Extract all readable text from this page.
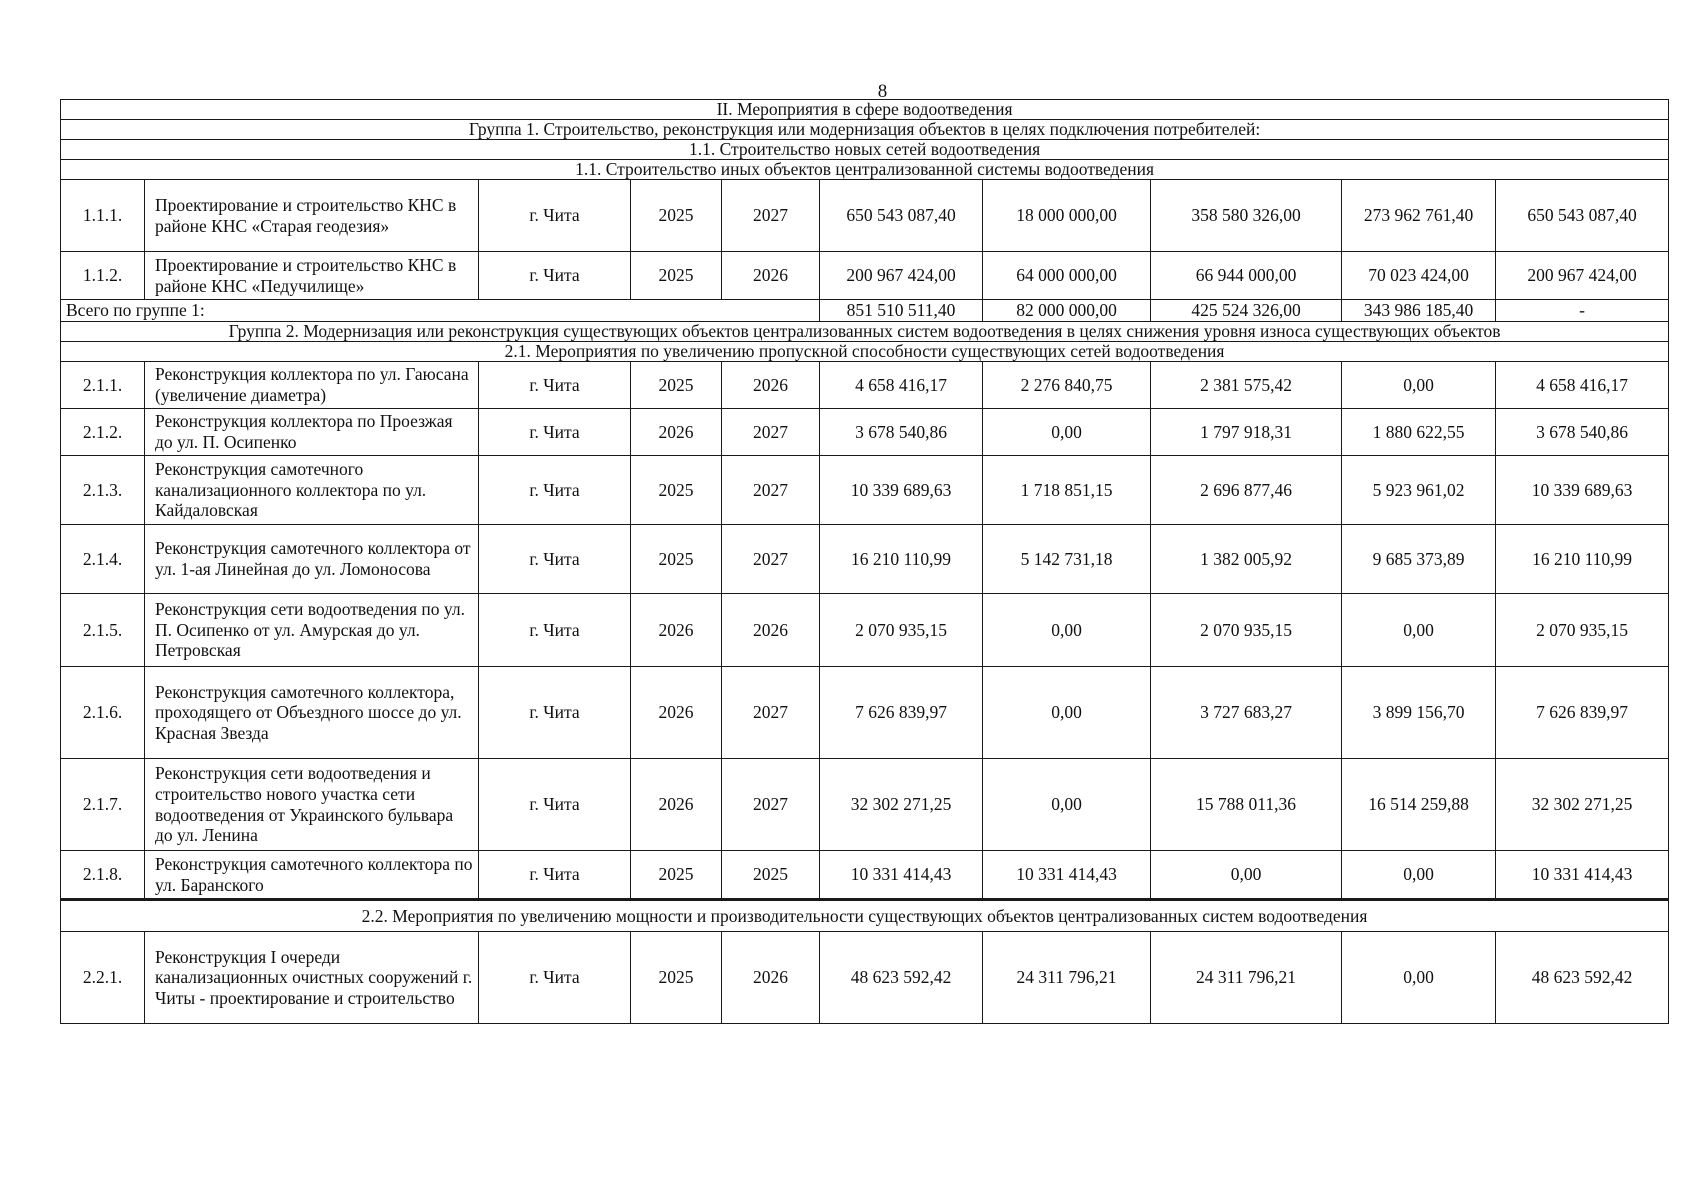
8
II. Мероприятия в сфере водоотведения									
Группа 1. Строительство, реконструкция или модернизация объектов в целях подключения потребителей:									
1.1. Строительство новых сетей водоотведения									
1.1. Строительство иных объектов централизованной системы водоотведения									
1.1.1.	Проектирование и строительство КНС в районе КНС «Старая геодезия»	г. Чита	2025	2027	650 543 087,40	18 000 000,00	358 580 326,00	273 962 761,40	650 543 087,40
1.1.2.	Проектирование и строительство КНС в районе КНС «Педучилище»	г. Чита	2025	2026	200 967 424,00	64 000 000,00	66 944 000,00	70 023 424,00	200 967 424,00
Всего по группе 1:					851 510 511,40	82 000 000,00	425 524 326,00	343 986 185,40	-
Группа 2. Модернизация или реконструкция существующих объектов централизованных систем водоотведения в целях снижения уровня износа существующих объектов									
2.1. Мероприятия по увеличению пропускной способности существующих сетей водоотведения									
2.1.1.	Реконструкция коллектора по ул. Гаюсана (увеличение диаметра)	г. Чита	2025	2026	4 658 416,17	2 276 840,75	2 381 575,42	0,00	4 658 416,17
2.1.2.	Реконструкция коллектора по Проезжая до ул. П. Осипенко	г. Чита	2026	2027	3 678 540,86	0,00	1 797 918,31	1 880 622,55	3 678 540,86
2.1.3.	Реконструкция самотечного канализационного коллектора по ул. Кайдаловская	г. Чита	2025	2027	10 339 689,63	1 718 851,15	2 696 877,46	5 923 961,02	10 339 689,63
2.1.4.	Реконструкция самотечного коллектора от ул. 1-ая Линейная до ул. Ломоносова	г. Чита	2025	2027	16 210 110,99	5 142 731,18	1 382 005,92	9 685 373,89	16 210 110,99
2.1.5.	Реконструкция сети водоотведения по ул. П. Осипенко от ул. Амурская до ул. Петровская	г. Чита	2026	2026	2 070 935,15	0,00	2 070 935,15	0,00	2 070 935,15
2.1.6.	Реконструкция самотечного коллектора, проходящего от Объездного шоссе до ул. Красная Звезда	г. Чита	2026	2027	7 626 839,97	0,00	3 727 683,27	3 899 156,70	7 626 839,97
2.1.7.	Реконструкция сети водоотведения и строительство нового участка сети водоотведения от Украинского бульвара до ул. Ленина	г. Чита	2026	2027	32 302 271,25	0,00	15 788 011,36	16 514 259,88	32 302 271,25
2.1.8.	Реконструкция самотечного коллектора по ул. Баранского	г. Чита	2025	2025	10 331 414,43	10 331 414,43	0,00	0,00	10 331 414,43
2.2. Мероприятия по увеличению мощности и производительности существующих объектов централизованных систем водоотведения									
2.2.1.	Реконструкция I очереди канализационных очистных сооружений г. Читы - проектирование и строительство	г. Чита	2025	2026	48 623 592,42	24 311 796,21	24 311 796,21	0,00	48 623 592,42
